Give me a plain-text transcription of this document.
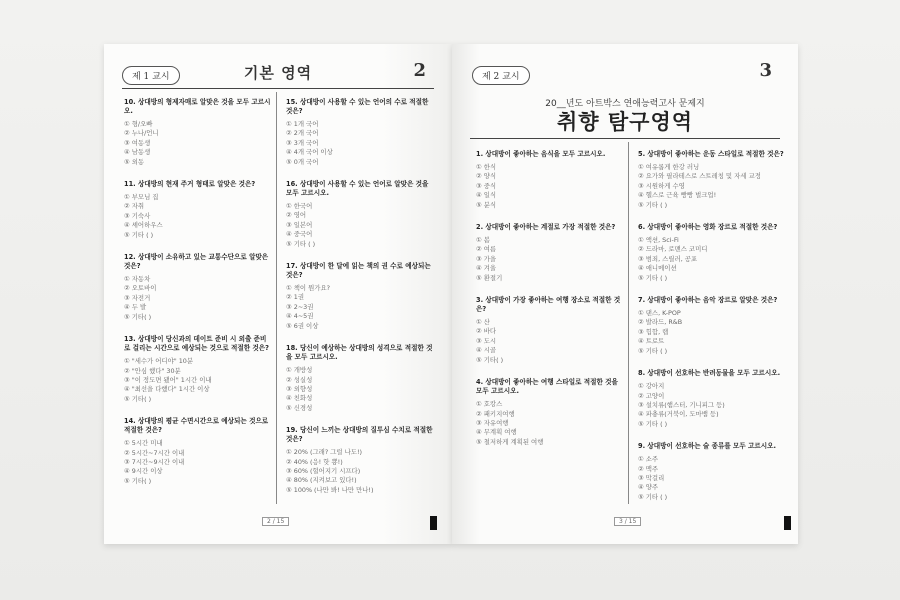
제 1 교시	기본 영역	2
10. 상대방의 형제자매로 알맞은 것을 모두 고르시오.
① 형/오빠
② 누나/언니
③ 여동생
④ 남동생
⑤ 외동
11. 상대방의 현재 주거 형태로 알맞은 것은?
① 부모님 집
② 자취
③ 기숙사
④ 셰어하우스
⑤ 기타 ( )
12. 상대방이 소유하고 있는 교통수단으로 알맞은 것은?
① 자동차
② 오토바이
③ 자전거
④ 두 발
⑤ 기타( )
13. 상대방이 당신과의 데이트 준비 시 외출 준비로 걸리는 시간으로 예상되는 것으로 적절한 것은?
① "세수가 어디야" 10분
② "안심 했다" 30분
③ "이 정도면 됐어" 1시간 이내
④ "최선을 다했다" 1시간 이상
⑤ 기타( )
14. 상대방의 평균 수면시간으로 예상되는 것으로 적절한 것은?
① 5시간 미내
② 5시간~7시간 이내
③ 7시간~9시간 이내
④ 9시간 이상
⑤ 기타( )
15. 상대방이 사용할 수 있는 언어의 수로 적절한 것은?
① 1개 국어
② 2개 국어
③ 3개 국어
④ 4개 국어 이상
⑤ 0개 국어
16. 상대방이 사용할 수 있는 언어로 알맞은 것을 모두 고르시오.
① 한국어
② 영어
③ 일본어
④ 중국어
⑤ 기타 ( )
17. 상대방이 한 달에 읽는 책의 권 수로 예상되는 것은?
① 책이 뭔가요?
② 1권
③ 2~3권
④ 4~5권
⑤ 6권 이상
18. 당신이 예상하는 상대방의 성격으로 적절한 것을 모두 고르시오.
① 개방성
② 성실성
③ 외향성
④ 친화성
⑤ 신경성
19. 당신이 느끼는 상대방의 질투심 수치로 적절한 것은?
① 20% (그래? 그럴 나도!)
② 40% (응! 핫 뿅!)
③ 60% (헐어지기 시프다)
④ 80% (지켜보고 있다!)
⑤ 100% (나만 봐! 나만 만나!)
2 / 15
제 2 교시	3
20__년도 아트박스 연애능력고사 문제지
취향 탐구영역
1. 상대방이 좋아하는 음식을 모두 고르시오.
① 한식
② 양식
③ 중식
④ 일식
⑤ 분식
2. 상대방이 좋아하는 계절로 가장 적절한 것은?
① 봄
② 여름
③ 가을
④ 겨울
⑤ 환절기
3. 상대방이 가장 좋아하는 여행 장소로 적절한 것은?
① 산
② 바다
③ 도시
④ 시골
⑤ 기타( )
4. 상대방이 좋아하는 여행 스타일로 적절한 것을 모두 고르시오.
① 호캉스
② 패키지여행
③ 자유여행
④ 무계획 여행
⑤ 철저하게 계획된 여행
5. 상대방이 좋아하는 운동 스타일로 적절한 것은?
① 여유롭게 한강 러닝
② 요가와 필라테스로 스트레칭 및 자세 교정
③ 시원하게 수영
④ 헬스로 근육 빵빵 벌크업!
⑤ 기타 ( )
6. 상대방이 좋아하는 영화 장르로 적절한 것은?
① 액션, Sci-Fi
② 드라마, 로맨스 코미디
③ 범죄, 스릴러, 공포
④ 애니메이션
⑤ 기타 ( )
7. 상대방이 좋아하는 음악 장르로 알맞은 것은?
① 댄스, K-POP
② 발라드, R&B
③ 힙합, 랩
④ 트로트
⑤ 기타 ( )
8. 상대방이 선호하는 반려동물을 모두 고르시오.
① 강아지
② 고양이
③ 설치류(햄스터, 기니피그 등)
④ 파충류(거북이, 도마뱀 등)
⑤ 기타 ( )
9. 상대방이 선호하는 술 종류를 모두 고르시오.
① 소주
② 맥주
③ 막걸리
④ 양주
⑤ 기타 ( )
3 / 15
